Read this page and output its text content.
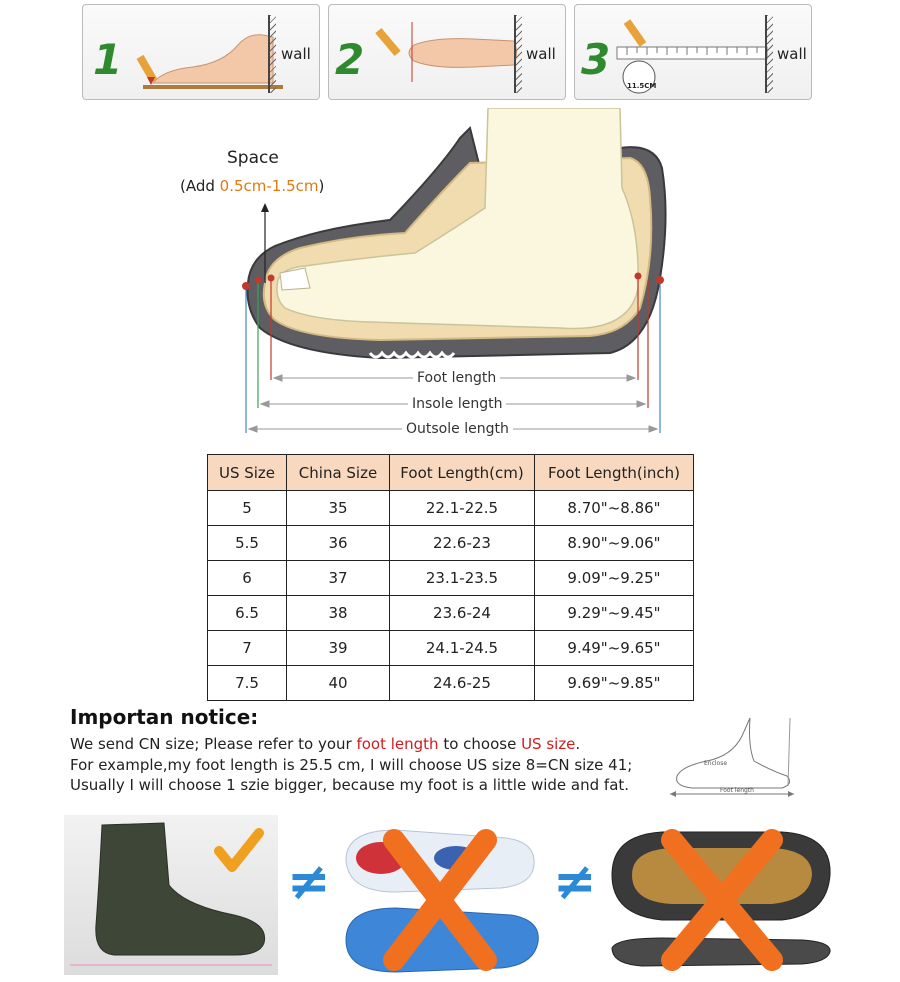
1	wall 2	wall 3
11.5CM
wall
Space
(Add 0.5cm-1.5cm)
Foot length
Insole length
Outsole length
US Size	China Size	Foot Length(cm)	Foot Length(inch)
5	35	22.1-22.5	8.70"~8.86"
5.5	36	22.6-23	8.90"~9.06"
6	37	23.1-23.5	9.09"~9.25"
6.5	38	23.6-24	9.29"~9.45"
7	39	24.1-24.5	9.49"~9.65"
7.5	40	24.6-25	9.69"~9.85"
Importan notice:
We send CN size; Please refer to your foot length to choose US size.
For example,my foot length is 25.5 cm, I will choose US size 8=CN size 41;
Usually I will choose 1 szie bigger, because my foot is a little wide and fat.
Enclose
Foot length
≠	≠
